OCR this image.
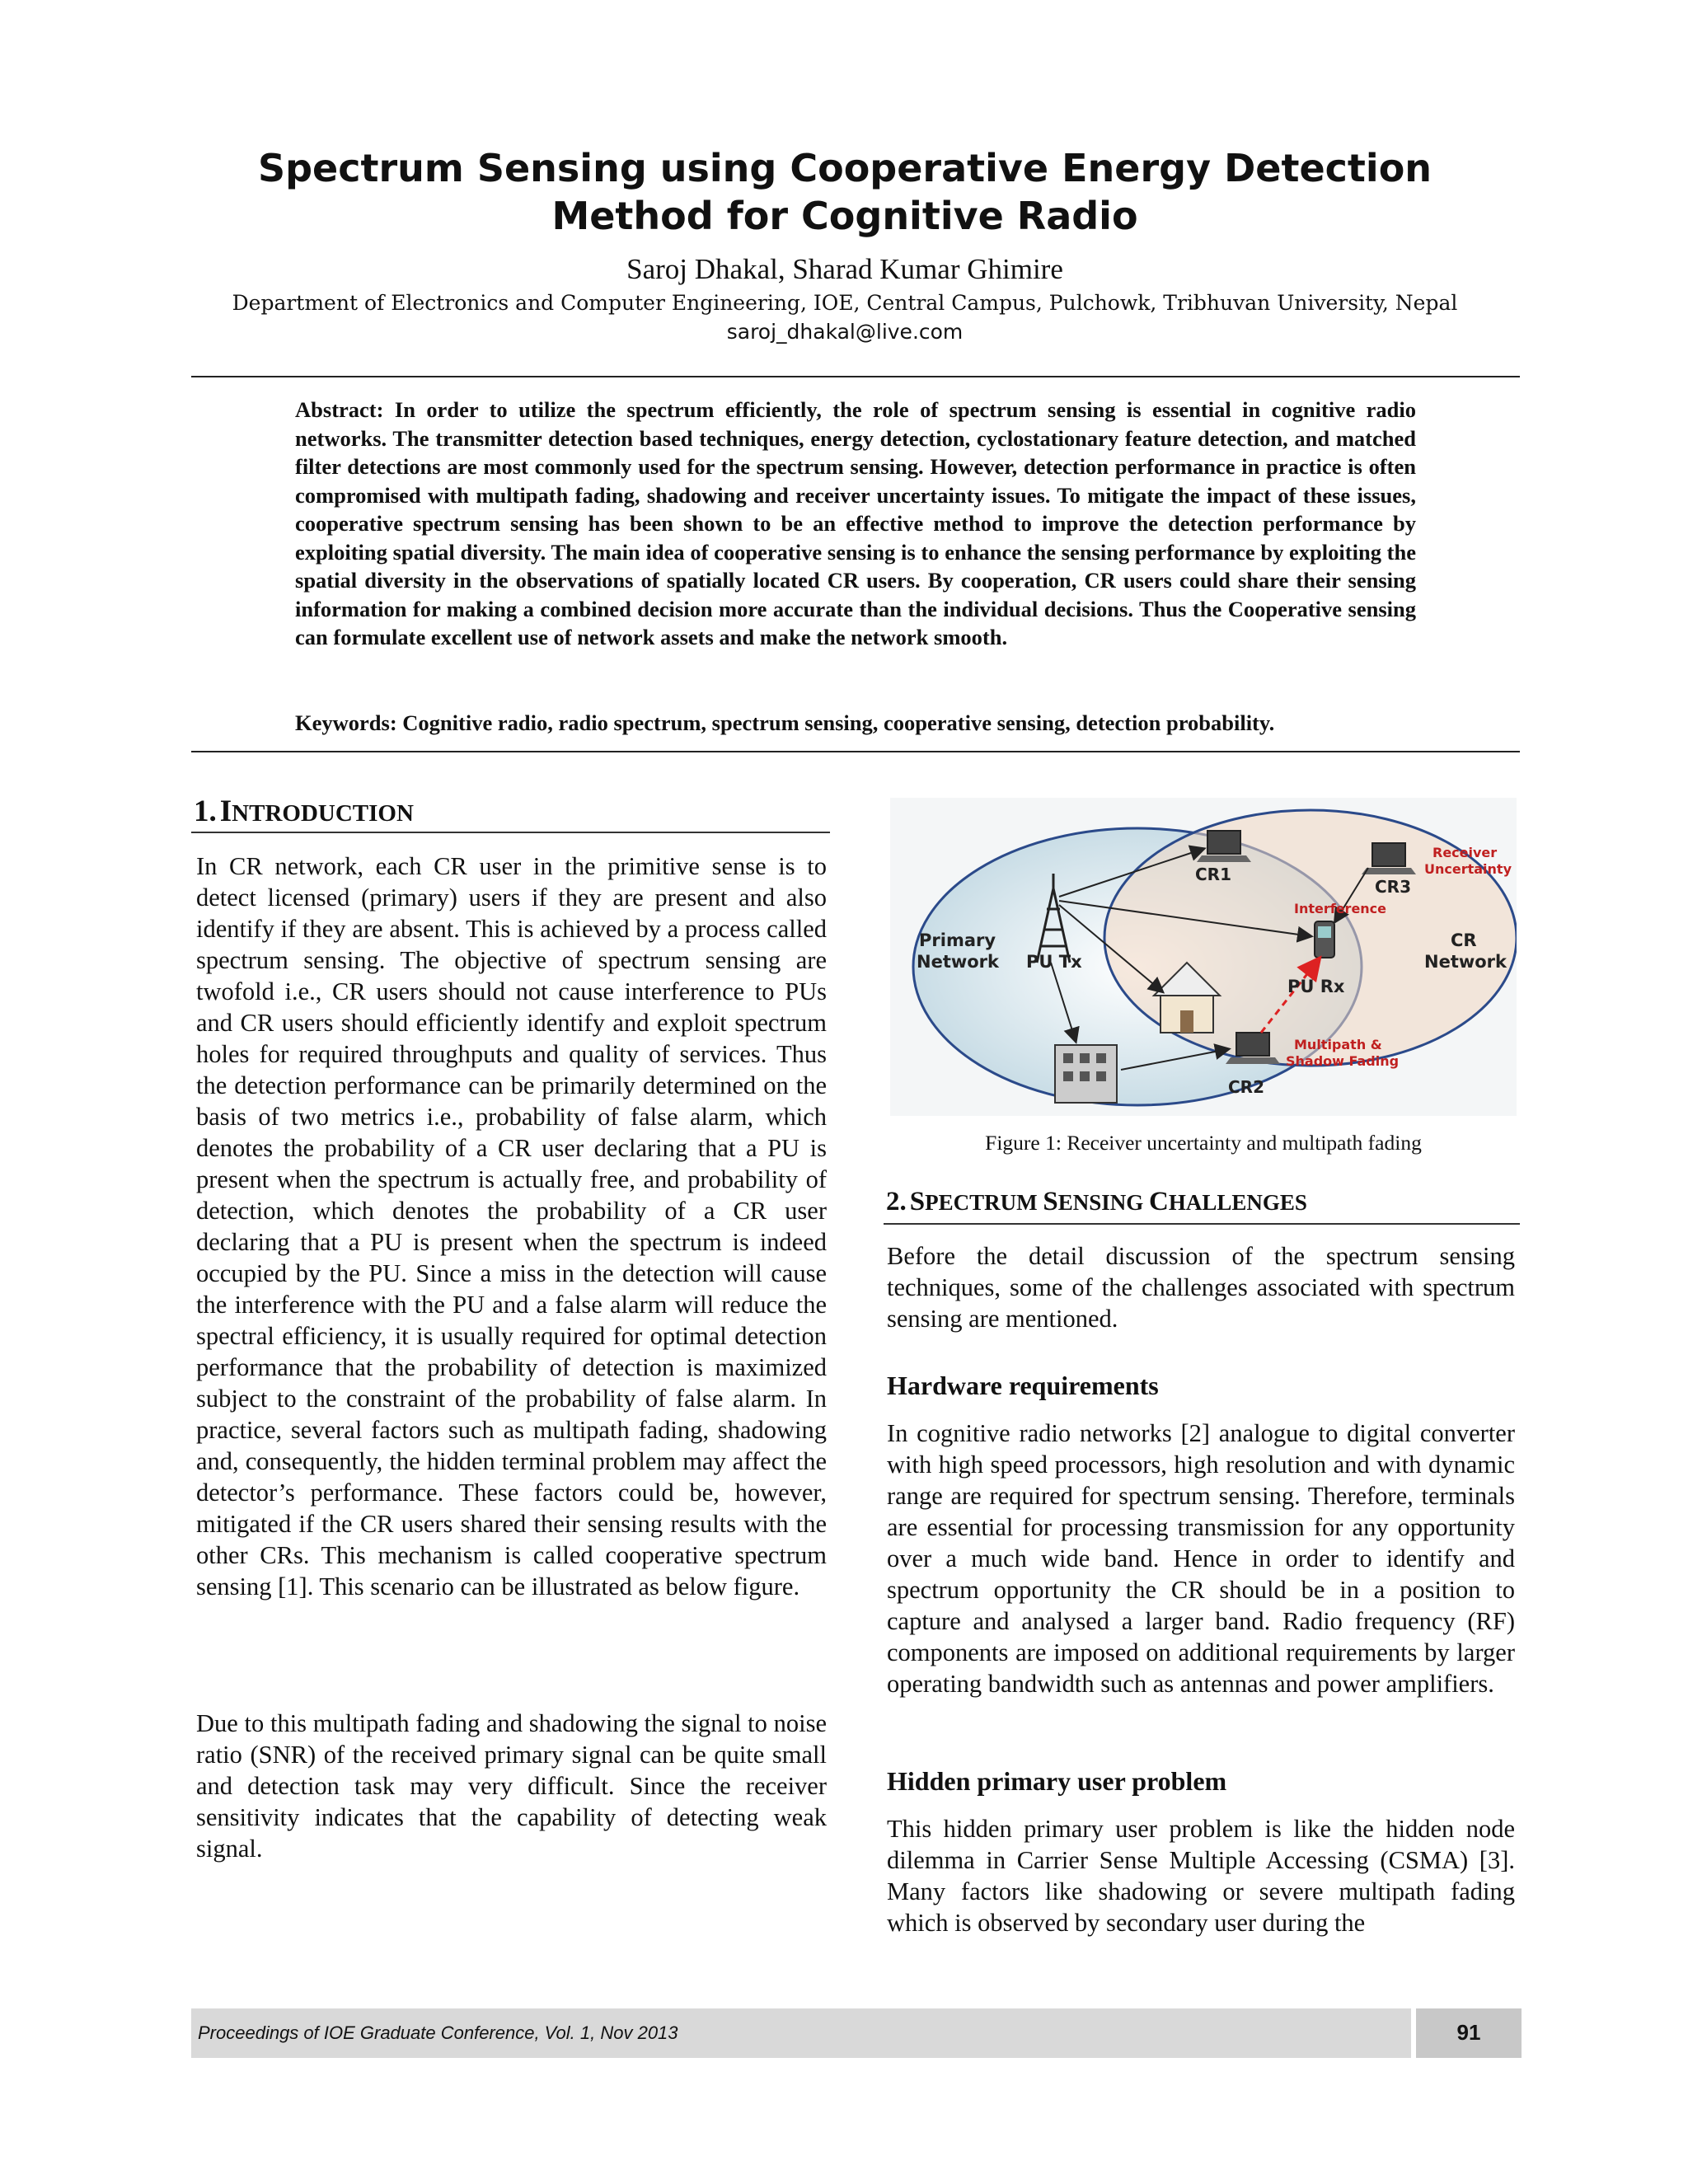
Spectrum Sensing using Cooperative Energy Detection
Method for Cognitive Radio
Saroj Dhakal, Sharad Kumar Ghimire
Department of Electronics and Computer Engineering, IOE, Central Campus, Pulchowk, Tribhuvan University, Nepal
saroj_dhakal@live.com
Abstract: In order to utilize the spectrum efficiently, the role of spectrum sensing is essential in cognitive radio networks. The transmitter detection based techniques, energy detection, cyclostationary feature detection, and matched filter detections are most commonly used for the spectrum sensing. However, detection performance in practice is often compromised with multipath fading, shadowing and receiver uncertainty issues. To mitigate the impact of these issues, cooperative spectrum sensing has been shown to be an effective method to improve the detection performance by exploiting spatial diversity. The main idea of cooperative sensing is to enhance the sensing performance by exploiting the spatial diversity in the observations of spatially located CR users. By cooperation, CR users could share their sensing information for making a combined decision more accurate than the individual decisions. Thus the Cooperative sensing can formulate excellent use of network assets and make the network smooth.
Keywords: Cognitive radio, radio spectrum, spectrum sensing, cooperative sensing, detection probability.
1. INTRODUCTION
In CR network, each CR user in the primitive sense is to detect licensed (primary) users if they are present and also identify if they are absent. This is achieved by a process called spectrum sensing. The objective of spectrum sensing are twofold i.e., CR users should not cause interference to PUs and CR users should efficiently identify and exploit spectrum holes for required throughputs and quality of services. Thus the detection performance can be primarily determined on the basis of two metrics i.e., probability of false alarm, which denotes the probability of a CR user declaring that a PU is present when the spectrum is actually free, and probability of detection, which denotes the probability of a CR user declaring that a PU is present when the spectrum is indeed occupied by the PU. Since a miss in the detection will cause the interference with the PU and a false alarm will reduce the spectral efficiency, it is usually required for optimal detection performance that the probability of detection is maximized subject to the constraint of the probability of false alarm. In practice, several factors such as multipath fading, shadowing and, consequently, the hidden terminal problem may affect the detector’s performance. These factors could be, however, mitigated if the CR users shared their sensing results with the other CRs. This mechanism is called cooperative spectrum sensing [1]. This scenario can be illustrated as below figure.
Due to this multipath fading and shadowing the signal to noise ratio (SNR) of the received primary signal can be quite small and detection task may very difficult. Since the receiver sensitivity indicates that the capability of detecting weak signal.
CR1
CR3
CR2
Receiver
Uncertainty
Interference
CR
Network
Primary
Network PU Tx
PU Rx
Multipath &
Shadow Fading
Figure 1: Receiver uncertainty and multipath fading
2. SPECTRUM SENSING CHALLENGES
Before the detail discussion of the spectrum sensing techniques, some of the challenges associated with spectrum sensing are mentioned.
Hardware requirements
In cognitive radio networks [2] analogue to digital converter with high speed processors, high resolution and with dynamic range are required for spectrum sensing. Therefore, terminals are essential for processing transmission for any opportunity over a much wide band. Hence in order to identify and spectrum opportunity the CR should be in a position to capture and analysed a larger band. Radio frequency (RF) components are imposed on additional requirements by larger operating bandwidth such as antennas and power amplifiers.
Hidden primary user problem
This hidden primary user problem is like the hidden node dilemma in Carrier Sense Multiple Accessing (CSMA) [3]. Many factors like shadowing or severe multipath fading which is observed by secondary user during the
Proceedings of IOE Graduate Conference, Vol. 1, Nov 2013	91
